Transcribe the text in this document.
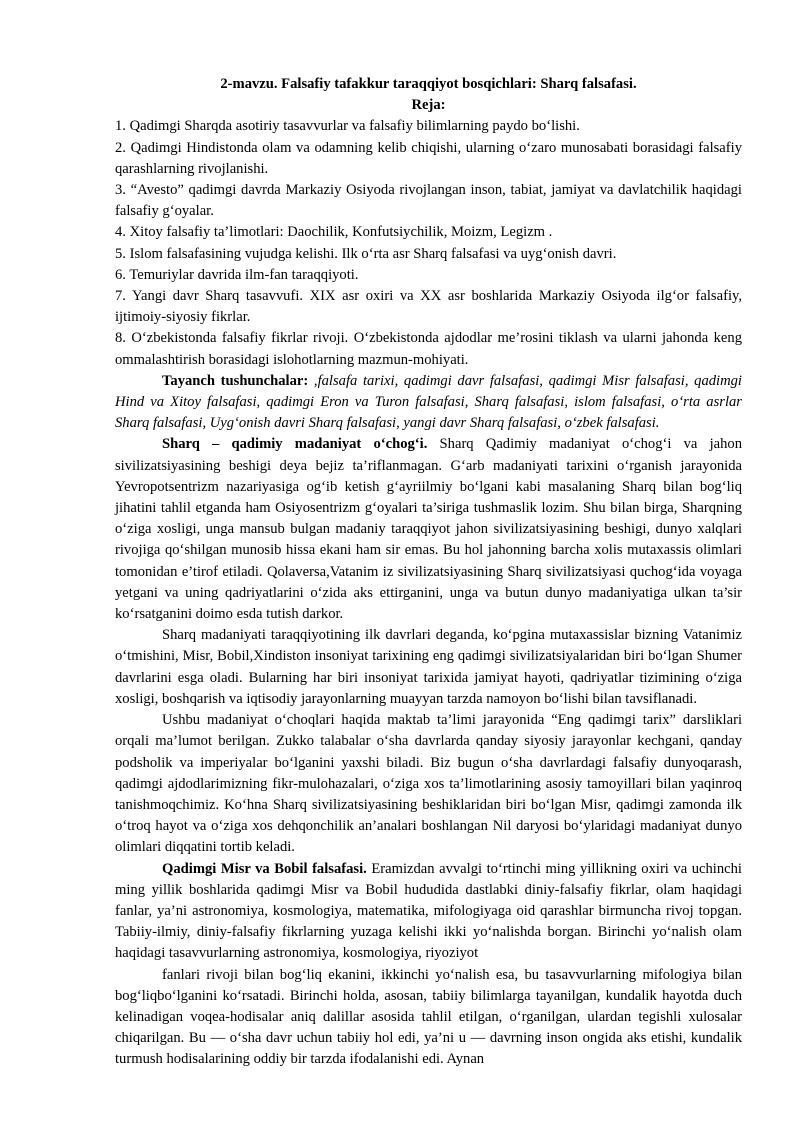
2-mavzu. Falsafiy tafakkur taraqqiyot bosqichlari: Sharq falsafasi.
Reja:
1. Qadimgi Sharqda asotiriy tasavvurlar va falsafiy bilimlarning paydo bo‘lishi.
2. Qadimgi Hindistonda olam va odamning kelib chiqishi, ularning o‘zaro munosabati borasidagi falsafiy qarashlarning rivojlanishi.
3. “Avesto” qadimgi davrda Markaziy Osiyoda rivojlangan inson, tabiat, jamiyat va davlatchilik haqidagi falsafiy g‘oyalar.
4. Xitoy falsafiy ta’limotlari: Daochilik, Konfutsiychilik, Moizm, Legizm .
5. Islom falsafasining vujudga kelishi. Ilk o‘rta asr Sharq falsafasi va uyg‘onish davri.
6. Temuriylar davrida ilm-fan taraqqiyoti.
7. Yangi davr Sharq tasavvufi. XIX asr oxiri va XX asr boshlarida Markaziy Osiyoda ilg‘or falsafiy, ijtimoiy-siyosiy fikrlar.
8. O‘zbekistonda falsafiy fikrlar rivoji. O‘zbekistonda ajdodlar me’rosini tiklash va ularni jahonda keng ommalashtirish borasidagi islohotlarning mazmun-mohiyati.

Tayanch tushunchalar: ,falsafa tarixi, qadimgi davr falsafasi, qadimgi Misr falsafasi, qadimgi Hind va Xitoy falsafasi, qadimgi Eron va Turon falsafasi, Sharq falsafasi, islom falsafasi, o‘rta asrlar Sharq falsafasi, Uyg‘onish davri Sharq falsafasi, yangi davr Sharq falsafasi, o‘zbek falsafasi.

Sharq – qadimiy madaniyat o‘chog‘i. Sharq Qadimiy madaniyat o‘chog‘i va jahon sivilizatsiyasining beshigi deya bejiz ta’riflanmagan. G‘arb madaniyati tarixini o‘rganish jarayonida Yevropotsentrizm nazariyasiga og‘ib ketish g‘ayriilmiy bo‘lgani kabi masalaning Sharq bilan bog‘liq jihatini tahlil etganda ham Osiyosentrizm g‘oyalari ta’siriga tushmaslik lozim. Shu bilan birga, Sharqning o‘ziga xosligi, unga mansub bulgan madaniy taraqqiyot jahon sivilizatsiyasining beshigi, dunyo xalqlari rivojiga qo‘shilgan munosib hissa ekani ham sir emas. Bu hol jahonning barcha xolis mutaxassis olimlari tomonidan e’tirof etiladi. Qolaversa,Vatanim iz sivilizatsiyasining Sharq sivilizatsiyasi quchog‘ida voyaga yetgani va uning qadriyatlarini o‘zida aks ettirganini, unga va butun dunyo madaniyatiga ulkan ta’sir ko‘rsatganini doimo esda tutish darkor.

Sharq madaniyati taraqqiyotining ilk davrlari deganda, ko‘pgina mutaxassislar bizning Vatanimiz o‘tmishini, Misr, Bobil,Xindiston insoniyat tarixining eng qadimgi sivilizatsiyalaridan biri bo‘lgan Shumer davrlarini esga oladi. Bularning har biri insoniyat tarixida jamiyat hayoti, qadriyatlar tizimining o‘ziga xosligi, boshqarish va iqtisodiy jarayonlarning muayyan tarzda namoyon bo‘lishi bilan tavsiflanadi.

Ushbu madaniyat o‘choqlari haqida maktab ta’limi jarayonida “Eng qadimgi tarix” darsliklari orqali ma’lumot berilgan. Zukko talabalar o‘sha davrlarda qanday siyosiy jarayonlar kechgani, qanday podsholik va imperiyalar bo‘lganini yaxshi biladi. Biz bugun o‘sha davrlardagi falsafiy dunyoqarash, qadimgi ajdodlarimizning fikr-mulohazalari, o‘ziga xos ta’limotlarining asosiy tamoyillari bilan yaqinroq tanishmoqchimiz. Ko‘hna Sharq sivilizatsiyasining beshiklaridan biri bo‘lgan Misr, qadimgi zamonda ilk o‘troq hayot va o‘ziga xos dehqonchilik an’analari boshlangan Nil daryosi bo‘ylaridagi madaniyat dunyo olimlari diqqatini tortib keladi.

Qadimgi Misr va Bobil falsafasi. Eramizdan avvalgi to‘rtinchi ming yillikning oxiri va uchinchi ming yillik boshlarida qadimgi Misr va Bobil hududida dastlabki diniy-falsafiy fikrlar, olam haqidagi fanlar, ya’ni astronomiya, kosmologiya, matematika, mifologiyaga oid qarashlar birmuncha rivoj topgan. Tabiiy-ilmiy, diniy-falsafiy fikrlarning yuzaga kelishi ikki yo‘nalishda borgan. Birinchi yo‘nalish olam haqidagi tasavvurlarning astronomiya, kosmologiya, riyoziyot

fanlari rivoji bilan bog‘liq ekanini, ikkinchi yo‘nalish esa, bu tasavvurlarning mifologiya bilan bog‘liqbo‘lganini ko‘rsatadi. Birinchi holda, asosan, tabiiy bilimlarga tayanilgan, kundalik hayotda duch kelinadigan voqea-hodisalar aniq dalillar asosida tahlil etilgan, o‘rganilgan, ulardan tegishli xulosalar chiqarilgan. Bu — o‘sha davr uchun tabiiy hol edi, ya’ni u — davrning inson ongida aks etishi, kundalik turmush hodisalarining oddiy bir tarzda ifodalanishi edi. Aynan
